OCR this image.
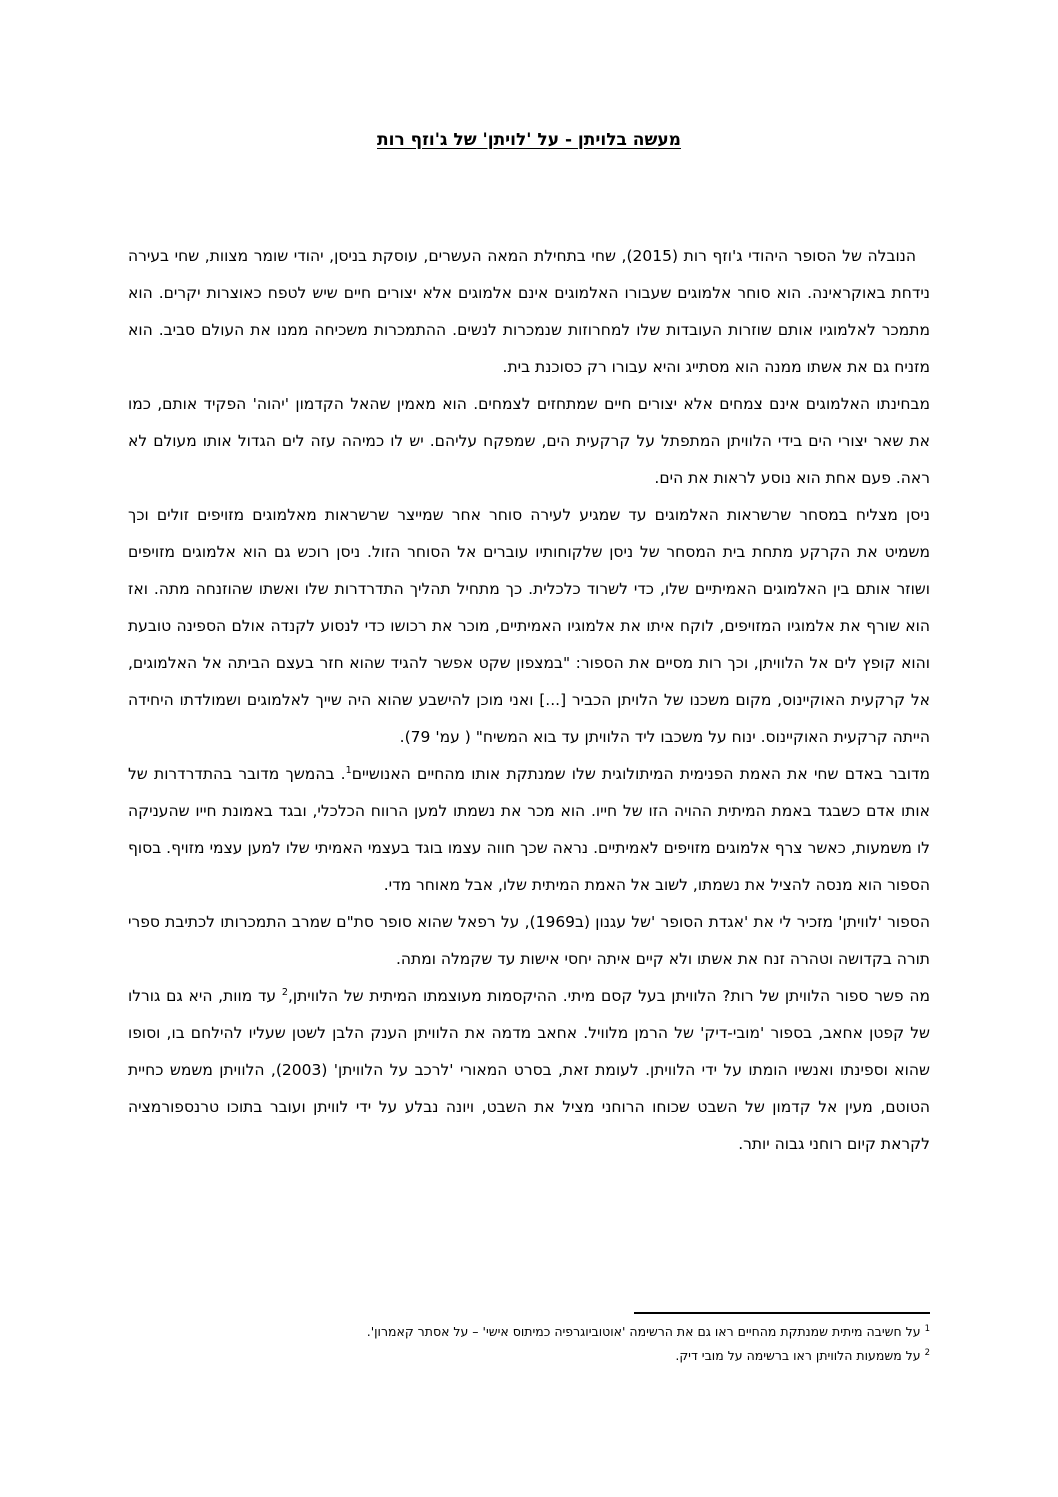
מעשה בלויתן - על 'לויתן' של ג'וזף רות

הנובלה של הסופר היהודי ג'וזף רות (2015), שחי בתחילת המאה העשרים, עוסקת בניסן, יהודי שומר מצוות, שחי בעירה נידחת באוקראינה. הוא סוחר אלמוגים שעבורו האלמוגים אינם אלמוגים אלא יצורים חיים שיש לטפח כאוצרות יקרים. הוא מתמכר לאלמוגיו אותם שוזרות העובדות שלו למחרוזות שנמכרות לנשים. ההתמכרות משכיחה ממנו את העולם סביב. הוא מזניח גם את אשתו ממנה הוא מסתייג והיא עבורו רק כסוכנת בית.

מבחינתו האלמוגים אינם צמחים אלא יצורים חיים שמתחזים לצמחים. הוא מאמין שהאל הקדמון 'יהוה' הפקיד אותם, כמו את שאר יצורי הים בידי הלוויתן המתפתל על קרקעית הים, שמפקח עליהם. יש לו כמיהה עזה לים הגדול אותו מעולם לא ראה. פעם אחת הוא נוסע לראות את הים.

ניסן מצליח במסחר שרשראות האלמוגים עד שמגיע לעירה סוחר אחר שמייצר שרשראות מאלמוגים מזויפים זולים וכך משמיט את הקרקע מתחת בית המסחר של ניסן שלקוחותיו עוברים אל הסוחר הזול. ניסן רוכש גם הוא אלמוגים מזויפים ושוזר אותם בין האלמוגים האמיתיים שלו, כדי לשרוד כלכלית. כך מתחיל תהליך התדרדרות שלו ואשתו שהוזנחה מתה. ואז הוא שורף את אלמוגיו המזויפים, לוקח איתו את אלמוגיו האמיתיים, מוכר את רכושו כדי לנסוע לקנדה אולם הספינה טובעת והוא קופץ לים אל הלוויתן, וכך רות מסיים את הספור: "במצפון שקט אפשר להגיד שהוא חזר בעצם הביתה אל האלמוגים, אל קרקעית האוקיינוס, מקום משכנו של הלויתן הכביר [...] ואני מוכן להישבע שהוא היה שייך לאלמוגים ושמולדתו היחידה הייתה קרקעית האוקיינוס. ינוח על משכבו ליד הלוויתן עד בוא המשיח" ( עמ' 79).

מדובר באדם שחי את האמת הפנימית המיתולוגית שלו שמנתקת אותו מהחיים האנושיים$^1$. בהמשך מדובר בהתדרדרות של אותו אדם כשבגד באמת המיתית ההויה הזו של חייו. הוא מכר את נשמתו למען הרווח הכלכלי, ובגד באמונת חייו שהעניקה לו משמעות, כאשר צרף אלמוגים מזויפים לאמיתיים. נראה שכך חווה עצמו בוגד בעצמי האמיתי שלו למען עצמי מזויף. בסוף הספור הוא מנסה להציל את נשמתו, לשוב אל האמת המיתית שלו, אבל מאוחר מדי.

הספור 'לוויתן' מזכיר לי את 'אגדת הסופר 'של עגנון (ב1969), על רפאל שהוא סופר סת"ם שמרב התמכרותו לכתיבת ספרי תורה בקדושה וטהרה זנח את אשתו ולא קיים איתה יחסי אישות עד שקמלה ומתה.

מה פשר ספור הלוויתן של רות? הלוויתן בעל קסם מיתי. ההיקסמות מעוצמתו המיתית של הלוויתן,$^2$ עד מוות, היא גם גורלו של קפטן אחאב, בספור 'מובי-דיק' של הרמן מלוויל. אחאב מדמה את הלוויתן הענק הלבן לשטן שעליו להילחם בו, וסופו שהוא וספינתו ואנשיו הומתו על ידי הלוויתן. לעומת זאת, בסרט המאורי 'לרכב על הלוויתן' (2003), הלוויתן משמש כחיית הטוטם, מעין אל קדמון של השבט שכוחו הרוחני מציל את השבט, ויונה נבלע על ידי לוויתן ועובר בתוכו טרנספורמציה לקראת קיום רוחני גבוה יותר.

$^1$ על חשיבה מיתית שמנתקת מהחיים ראו גם את הרשימה 'אוטוביוגרפיה כמיתוס אישי' – על אסתר קאמרון'.
$^2$ על משמעות הלוויתן ראו ברשימה על מובי דיק.
